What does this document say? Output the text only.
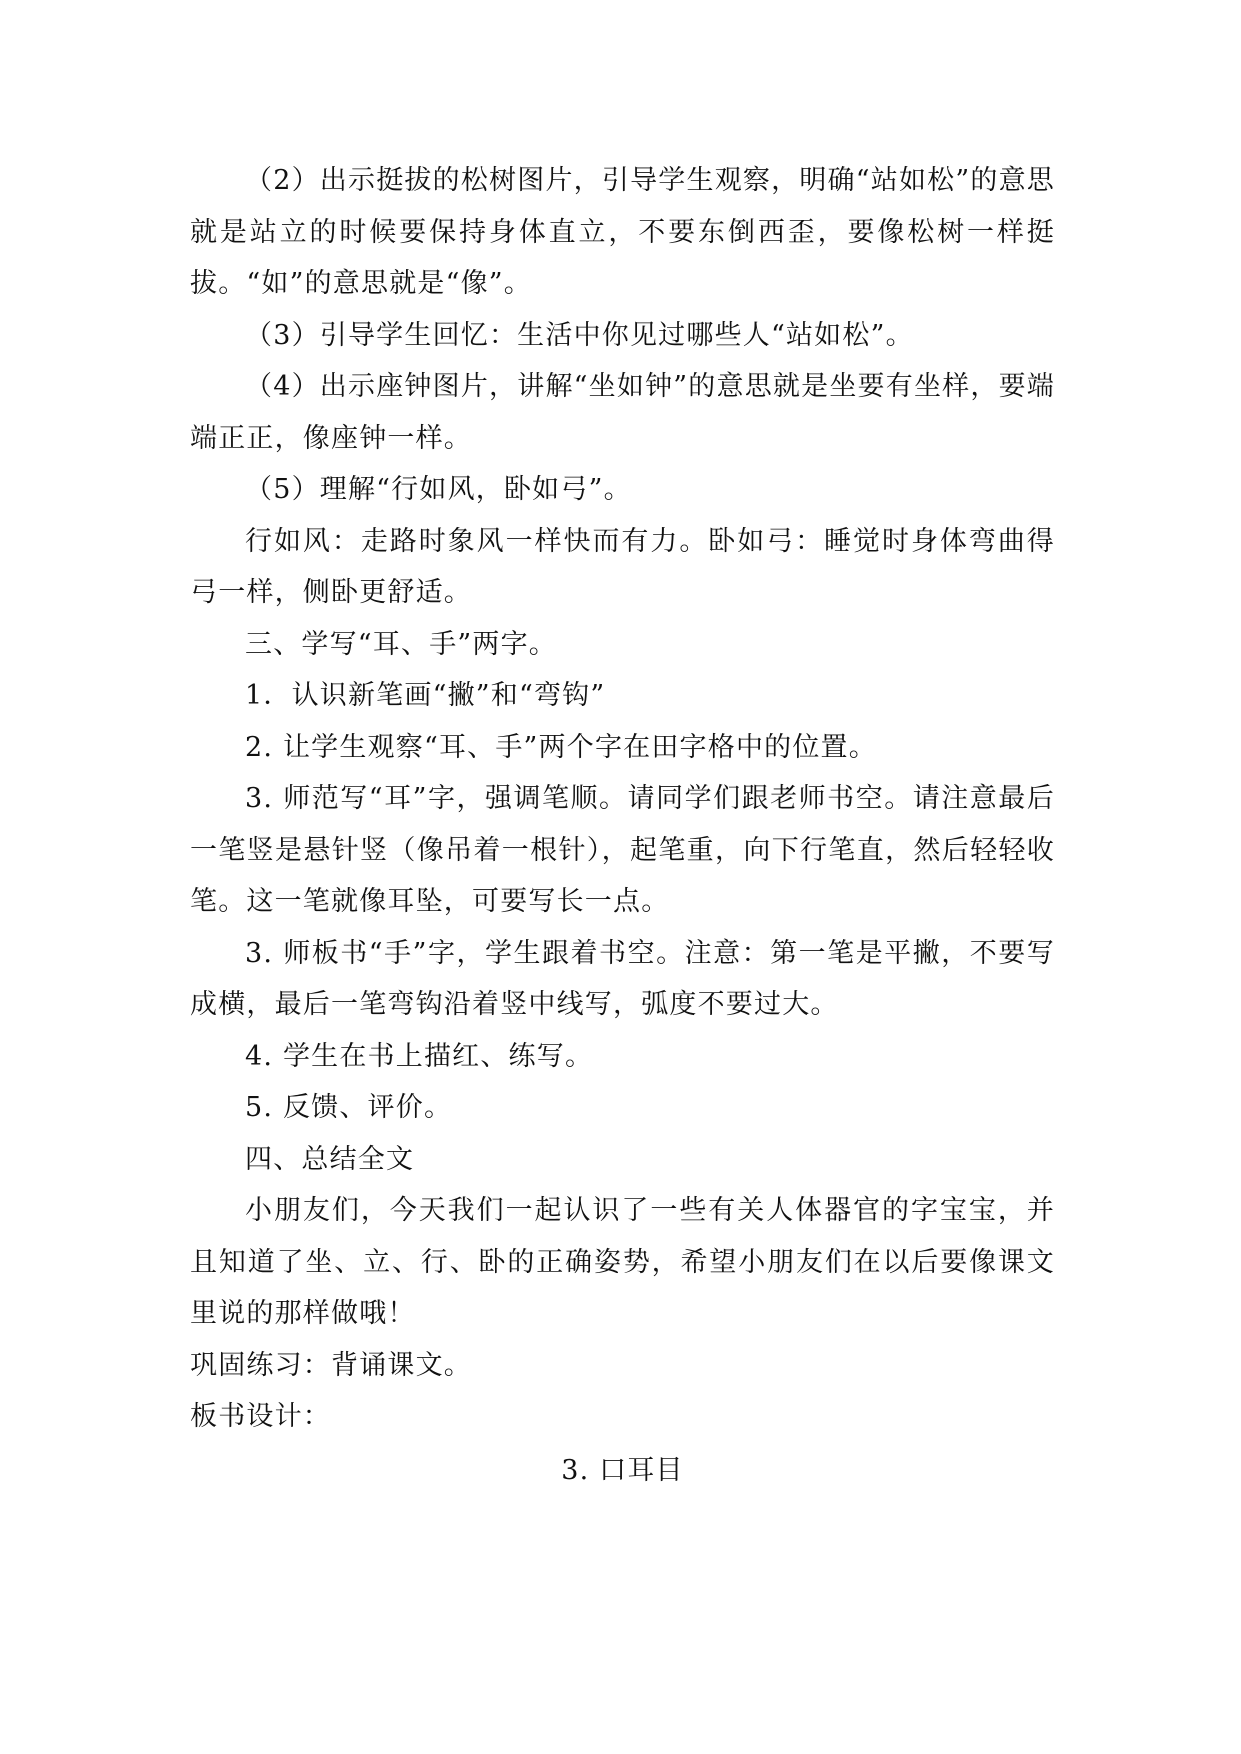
（2）出示挺拔的松树图片，引导学生观察，明确“站如松”的意思就是站立的时候要保持身体直立，不要东倒西歪，要像松树一样挺拔。“如”的意思就是“像”。

（3）引导学生回忆：生活中你见过哪些人“站如松”。

（4）出示座钟图片，讲解“坐如钟”的意思就是坐要有坐样，要端端正正，像座钟一样。

（5）理解“行如风，卧如弓”。

行如风：走路时象风一样快而有力。卧如弓：睡觉时身体弯曲得弓一样，侧卧更舒适。

三、学写“耳、手”两字。

1．认识新笔画“撇”和“弯钩”

2. 让学生观察“耳、手”两个字在田字格中的位置。

3. 师范写“耳”字，强调笔顺。请同学们跟老师书空。请注意最后一笔竖是悬针竖（像吊着一根针），起笔重，向下行笔直，然后轻轻收笔。这一笔就像耳坠，可要写长一点。

3. 师板书“手”字，学生跟着书空。注意：第一笔是平撇，不要写成横，最后一笔弯钩沿着竖中线写，弧度不要过大。

4. 学生在书上描红、练写。

5. 反馈、评价。

四、总结全文

小朋友们，今天我们一起认识了一些有关人体器官的字宝宝，并且知道了坐、立、行、卧的正确姿势，希望小朋友们在以后要像课文里说的那样做哦！

巩固练习：背诵课文。

板书设计：

3. 口耳目
